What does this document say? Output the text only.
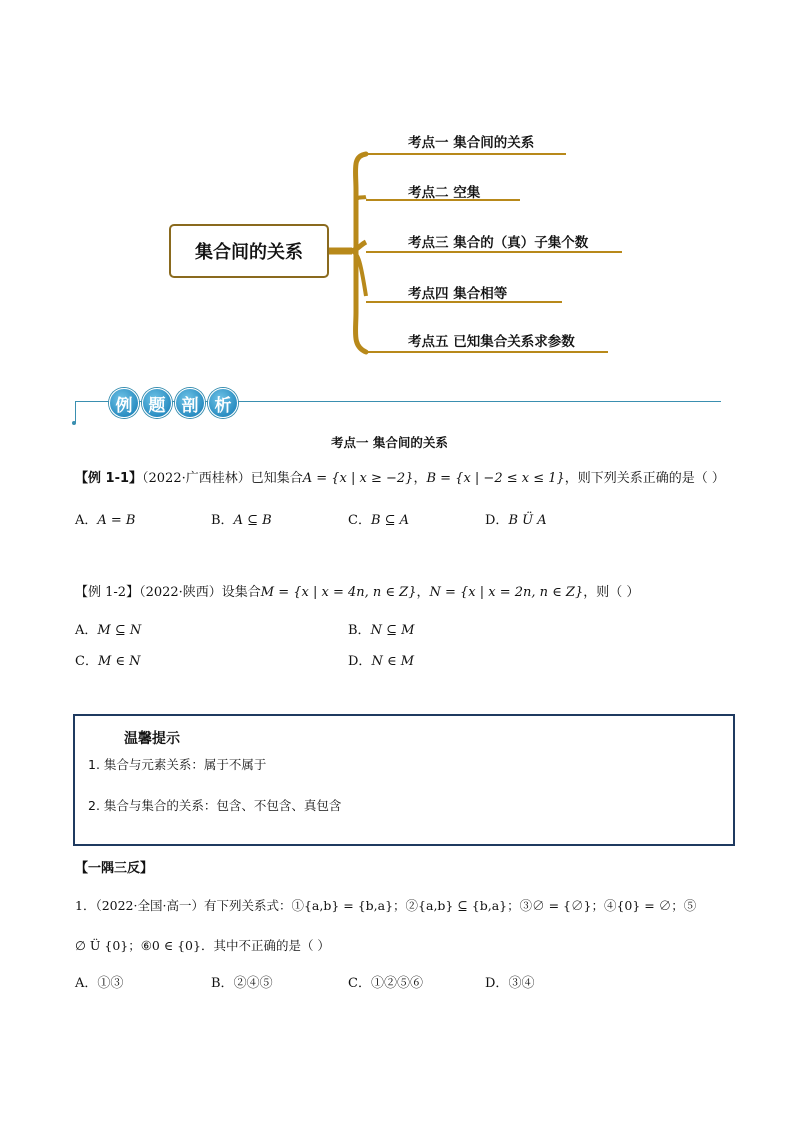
集合间的关系
考点一 集合间的关系
考点二 空集
考点三 集合的（真）子集个数
考点四 集合相等
考点五 已知集合关系求参数
例 题 剖 析
考点一 集合间的关系
【例 1-1】（2022·广西桂林）已知集合A = {x | x ≥ −2}，B = {x | −2 ≤ x ≤ 1}，则下列关系正确的是（ ）
A．A = B	B．A ⊆ B	C．B ⊆ A	D．B Ü A
【例 1-2】（2022·陕西）设集合M = {x | x = 4n, n ∈ Z}，N = {x | x = 2n, n ∈ Z}，则（ ）
A．M ⊆ N	B．N ⊆ M
C．M ∈ N	D．N ∈ M
温馨提示
1. 集合与元素关系：属于不属于
2. 集合与集合的关系：包含、不包含、真包含
【一隅三反】
1．（2022·全国·高一）有下列关系式：①{a,b} = {b,a}；②{a,b} ⊆ {b,a}；③∅ = {∅}；④{0} = ∅；⑤
∅ Ü {0}；⑥0 ∈ {0}．其中不正确的是（ ）
A．①③	B．②④⑤	C．①②⑤⑥	D．③④
